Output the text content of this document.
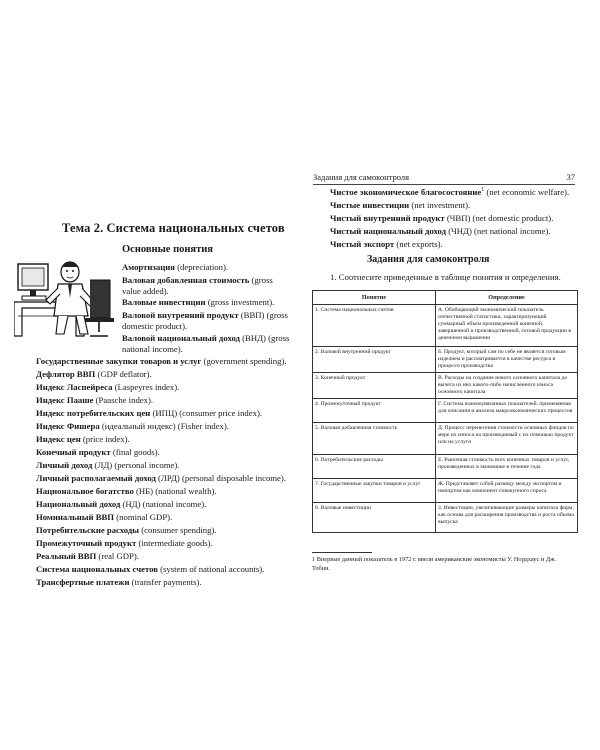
Тема 2. Система национальных счетов
Основные понятия
Амортизация (depreciation).
Валовая добавленная стоимость (gross value added).
Валовые инвестиции (gross investment).
Валовой внутренний продукт (ВВП) (gross domestic product).
Валовой национальный доход (ВНД) (gross national income).
Государственные закупки товаров и услуг (government spending).
Дефлятор ВВП (GDP deflator).
Индекс Ласпейреса (Laspeyres index).
Индекс Пааше (Paasche index).
Индекс потребительских цен (ИПЦ) (consumer price index).
Индекс Фишера (идеальный индекс) (Fisher index).
Индекс цен (price index).
Конечный продукт (final goods).
Личный доход (ЛД) (personal income).
Личный располагаемый доход (ЛРД) (personal disposable income).
Национальное богатство (НБ) (national wealth).
Национальный доход (НД) (national income).
Номинальный ВВП (nominal GDP).
Потребительские расходы (consumer spending).
Промежуточный продукт (intermediate goods).
Реальный ВВП (real GDP).
Система национальных счетов (system of national accounts).
Трансфертные платежи (transfer payments).
Задания для самоконтроля	37
Чистое экономическое благосостояние$^1$ (net economic welfare).
Чистые инвестиции (net investment).
Чистый внутренний продукт (ЧВП) (net domestic product).
Чистый национальный доход (ЧНД) (net national income).
Чистый экспорт (net exports).
Задания для самоконтроля
1. Соотнесите приведенные в таблице понятия и определения.
Понятие	Определение
1. Система национальных счетов	А. Обобщающий экономический показатель отечественной статистики, характеризующий суммарный объем произведенной конечной, завершенной и производственной, готовой продукции в денежном выражении
2. Валовой внутренний продукт	Б. Продукт, который сам по себе не является готовым изделием и рассматривается в качестве ресурса в процессе производства
3. Конечный продукт	В. Расходы на создание нового основного капитала до вычета из них какого-либо начисленного износа основного капитала
4. Промежуточный продукт	Г. Система взаимоувязанных показателей, применяемая для описания и анализа макроэкономических процессов
5. Валовая добавленная стоимость	Д. Процесс перенесения стоимости основных фондов по мере их износа на производимый с их помощью продукт или на услуги
6. Потребительские расходы	Е. Рыночная стоимость всех конечных товаров и услуг, произведенных в экономике в течение года
7. Государственные закупки товаров и услуг	Ж. Представляет собой разницу между экспортом и импортом как компонент совокупного спроса
8. Валовые инвестиции	З. Инвестиции, увеличивающие размеры капитала фирм, как основа для расширения производства и роста объема выпуска
1 Впервые данный показатель в 1972 г. ввели американские экономисты У. Нордхаус и Дж. Тобин.
